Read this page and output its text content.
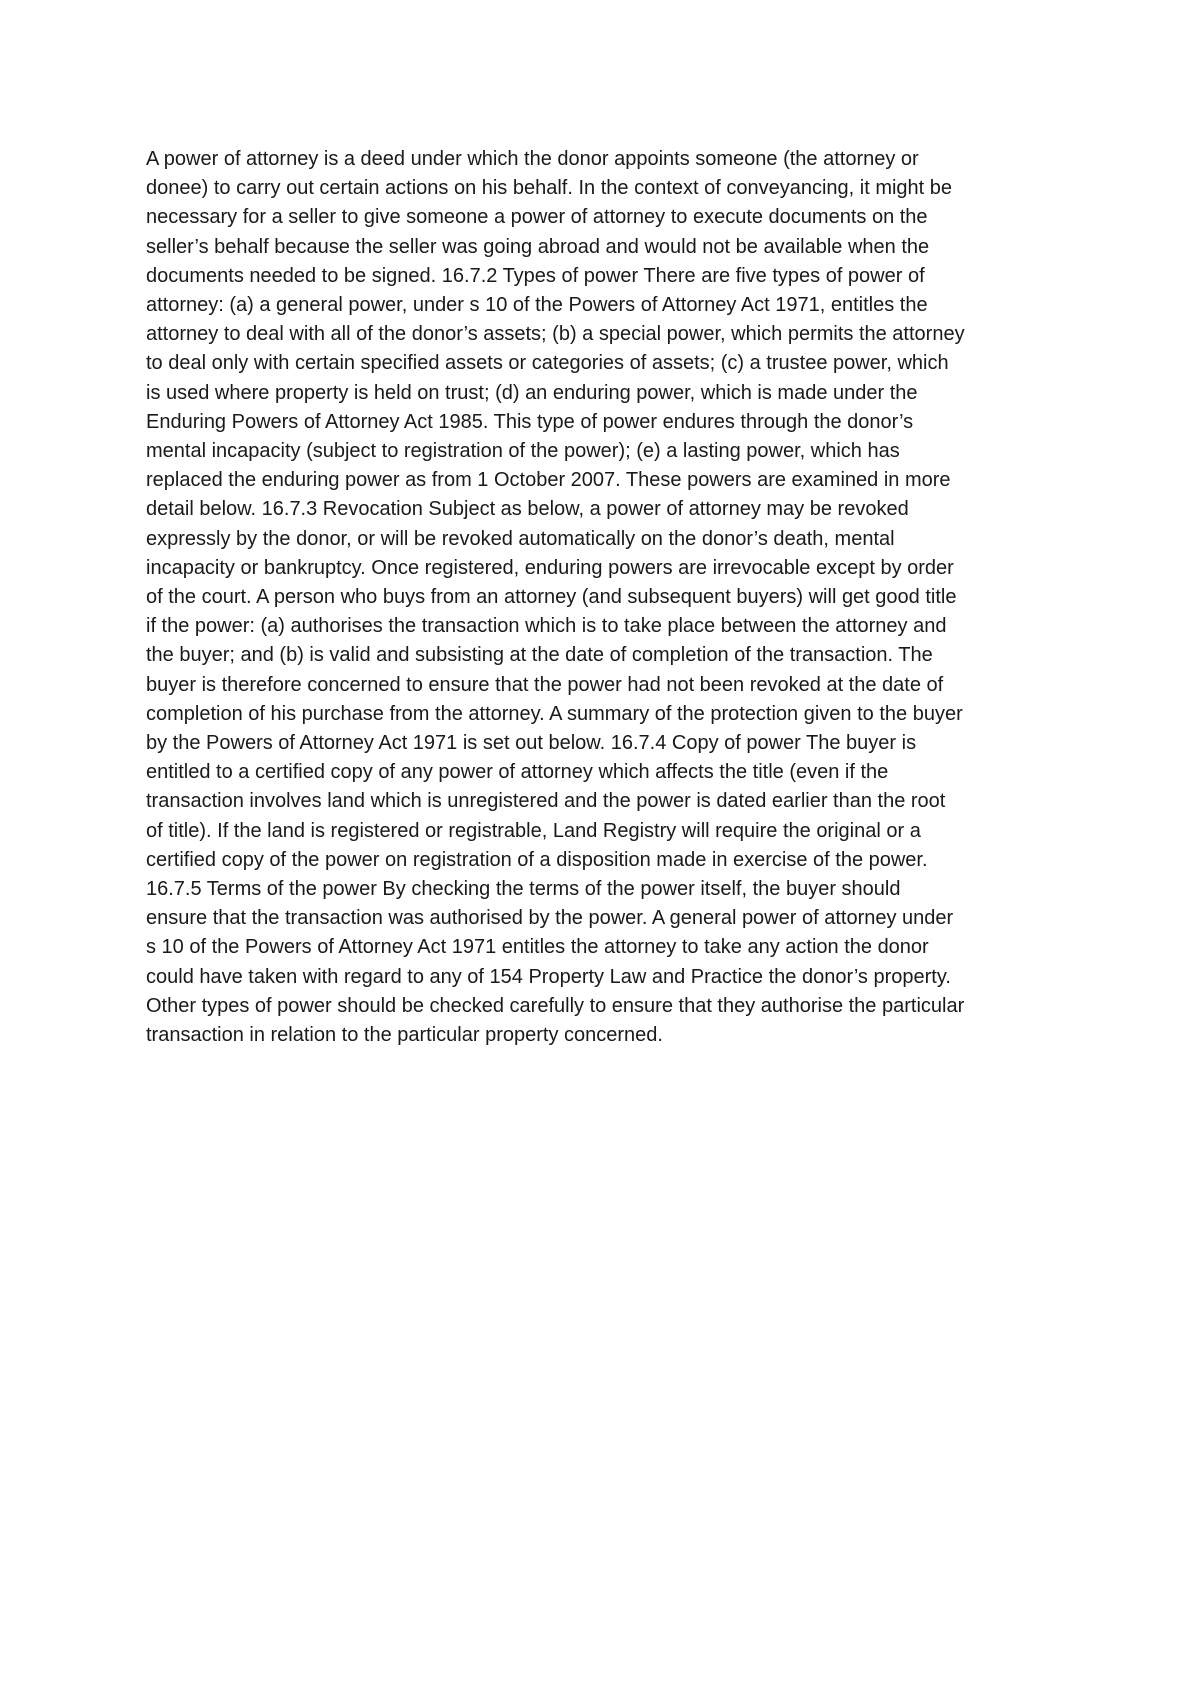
A power of attorney is a deed under which the donor appoints someone (the attorney or
donee) to carry out certain actions on his behalf. In the context of conveyancing, it might be
necessary for a seller to give someone a power of attorney to execute documents on the
seller’s behalf because the seller was going abroad and would not be available when the
documents needed to be signed. 16.7.2 Types of power There are five types of power of
attorney: (a) a general power, under s 10 of the Powers of Attorney Act 1971, entitles the
attorney to deal with all of the donor’s assets; (b) a special power, which permits the attorney
to deal only with certain specified assets or categories of assets; (c) a trustee power, which
is used where property is held on trust; (d) an enduring power, which is made under the
Enduring Powers of Attorney Act 1985. This type of power endures through the donor’s
mental incapacity (subject to registration of the power); (e) a lasting power, which has
replaced the enduring power as from 1 October 2007. These powers are examined in more
detail below. 16.7.3 Revocation Subject as below, a power of attorney may be revoked
expressly by the donor, or will be revoked automatically on the donor’s death, mental
incapacity or bankruptcy. Once registered, enduring powers are irrevocable except by order
of the court. A person who buys from an attorney (and subsequent buyers) will get good title
if the power: (a) authorises the transaction which is to take place between the attorney and
the buyer; and (b) is valid and subsisting at the date of completion of the transaction. The
buyer is therefore concerned to ensure that the power had not been revoked at the date of
completion of his purchase from the attorney. A summary of the protection given to the buyer
by the Powers of Attorney Act 1971 is set out below. 16.7.4 Copy of power The buyer is
entitled to a certified copy of any power of attorney which affects the title (even if the
transaction involves land which is unregistered and the power is dated earlier than the root
of title). If the land is registered or registrable, Land Registry will require the original or a
certified copy of the power on registration of a disposition made in exercise of the power.
16.7.5 Terms of the power By checking the terms of the power itself, the buyer should
ensure that the transaction was authorised by the power. A general power of attorney under
s 10 of the Powers of Attorney Act 1971 entitles the attorney to take any action the donor
could have taken with regard to any of 154 Property Law and Practice the donor’s property.
Other types of power should be checked carefully to ensure that they authorise the particular
transaction in relation to the particular property concerned.
